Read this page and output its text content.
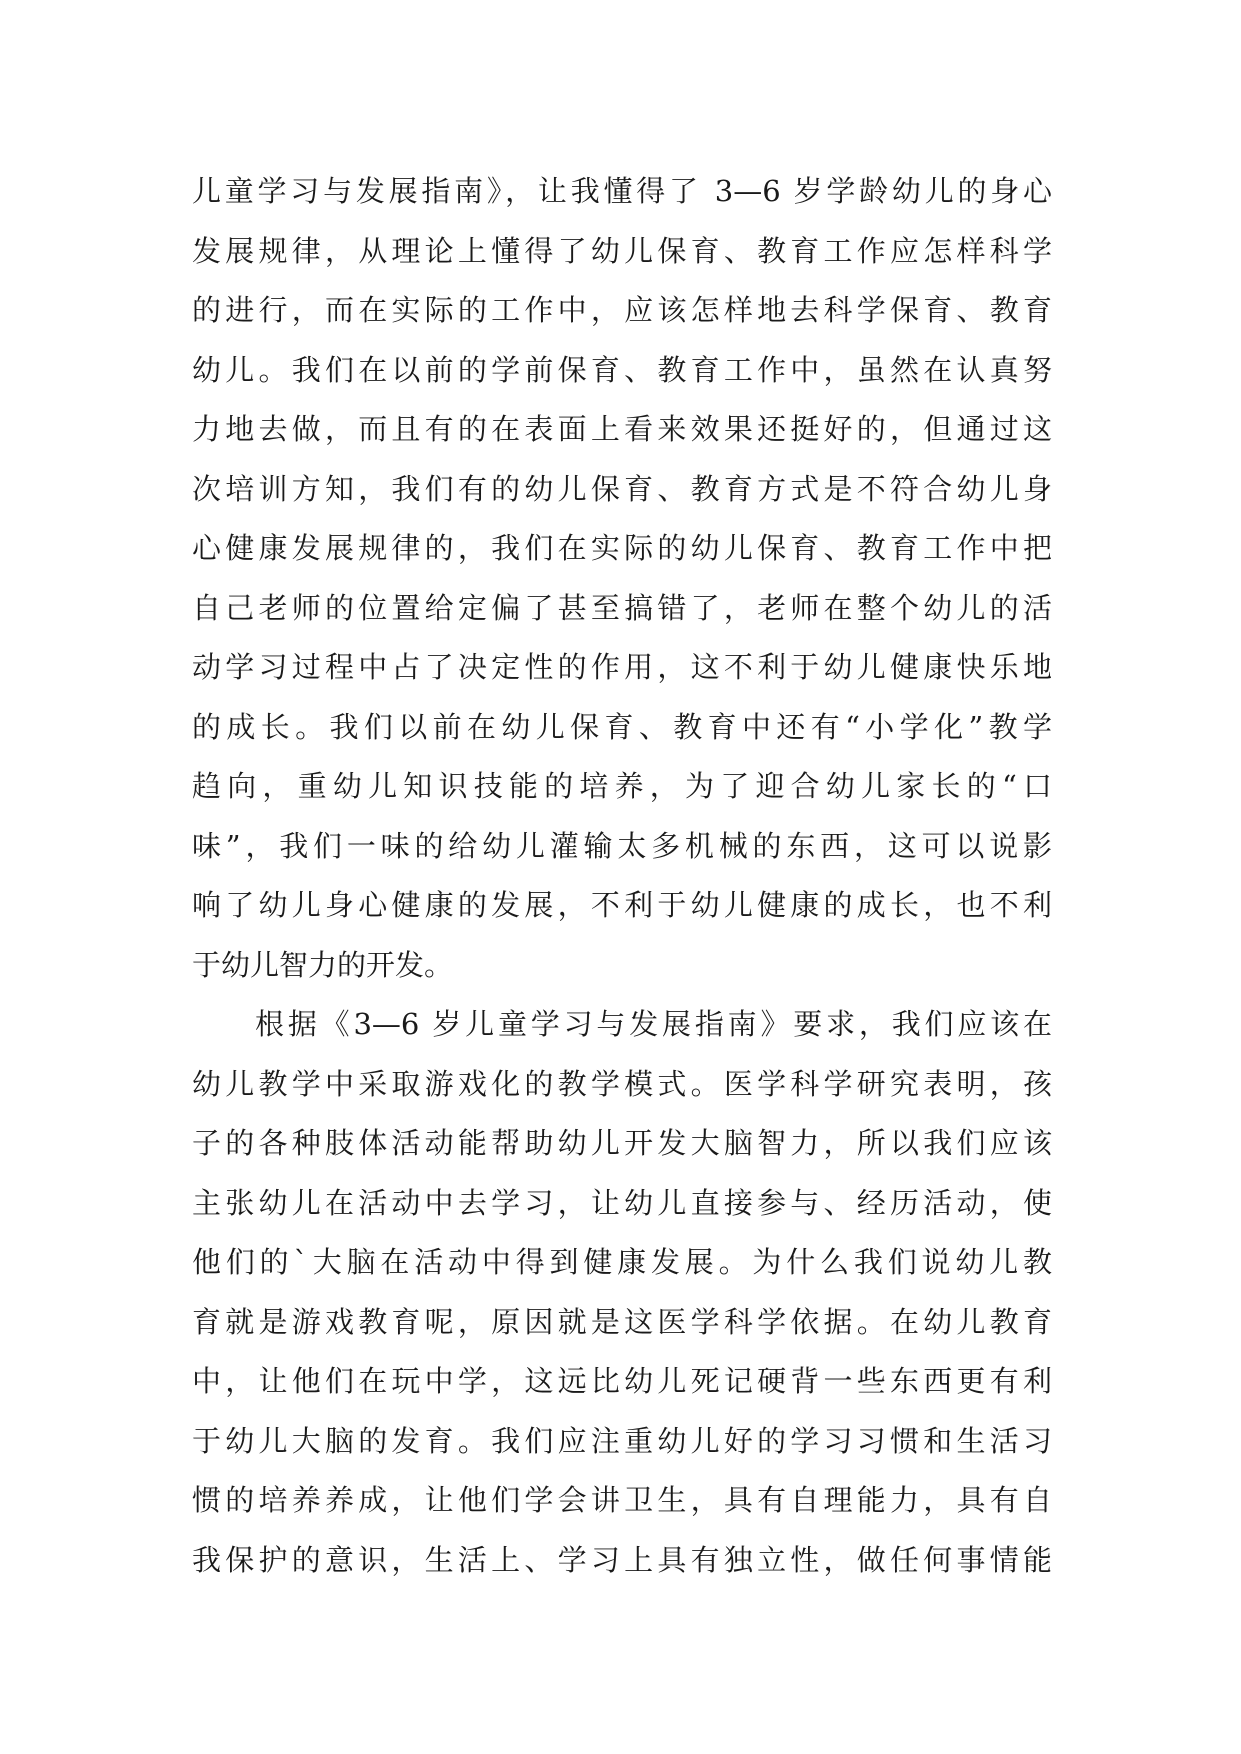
儿童学习与发展指南》，让我懂得了 3—6 岁学龄幼儿的身心
发展规律，从理论上懂得了幼儿保育、教育工作应怎样科学
的进行，而在实际的工作中，应该怎样地去科学保育、教育
幼儿。我们在以前的学前保育、教育工作中，虽然在认真努
力地去做，而且有的在表面上看来效果还挺好的，但通过这
次培训方知，我们有的幼儿保育、教育方式是不符合幼儿身
心健康发展规律的，我们在实际的幼儿保育、教育工作中把
自己老师的位置给定偏了甚至搞错了，老师在整个幼儿的活
动学习过程中占了决定性的作用，这不利于幼儿健康快乐地
的成长。我们以前在幼儿保育、教育中还有“小学化”教学
趋向，重幼儿知识技能的培养，为了迎合幼儿家长的“口
味”，我们一味的给幼儿灌输太多机械的东西，这可以说影
响了幼儿身心健康的发展，不利于幼儿健康的成长，也不利
于幼儿智力的开发。
根据《3—6 岁儿童学习与发展指南》要求，我们应该在
幼儿教学中采取游戏化的教学模式。医学科学研究表明，孩
子的各种肢体活动能帮助幼儿开发大脑智力，所以我们应该
主张幼儿在活动中去学习，让幼儿直接参与、经历活动，使
他们的`大脑在活动中得到健康发展。为什么我们说幼儿教
育就是游戏教育呢，原因就是这医学科学依据。在幼儿教育
中，让他们在玩中学，这远比幼儿死记硬背一些东西更有利
于幼儿大脑的发育。我们应注重幼儿好的学习习惯和生活习
惯的培养养成，让他们学会讲卫生，具有自理能力，具有自
我保护的意识，生活上、学习上具有独立性，做任何事情能
